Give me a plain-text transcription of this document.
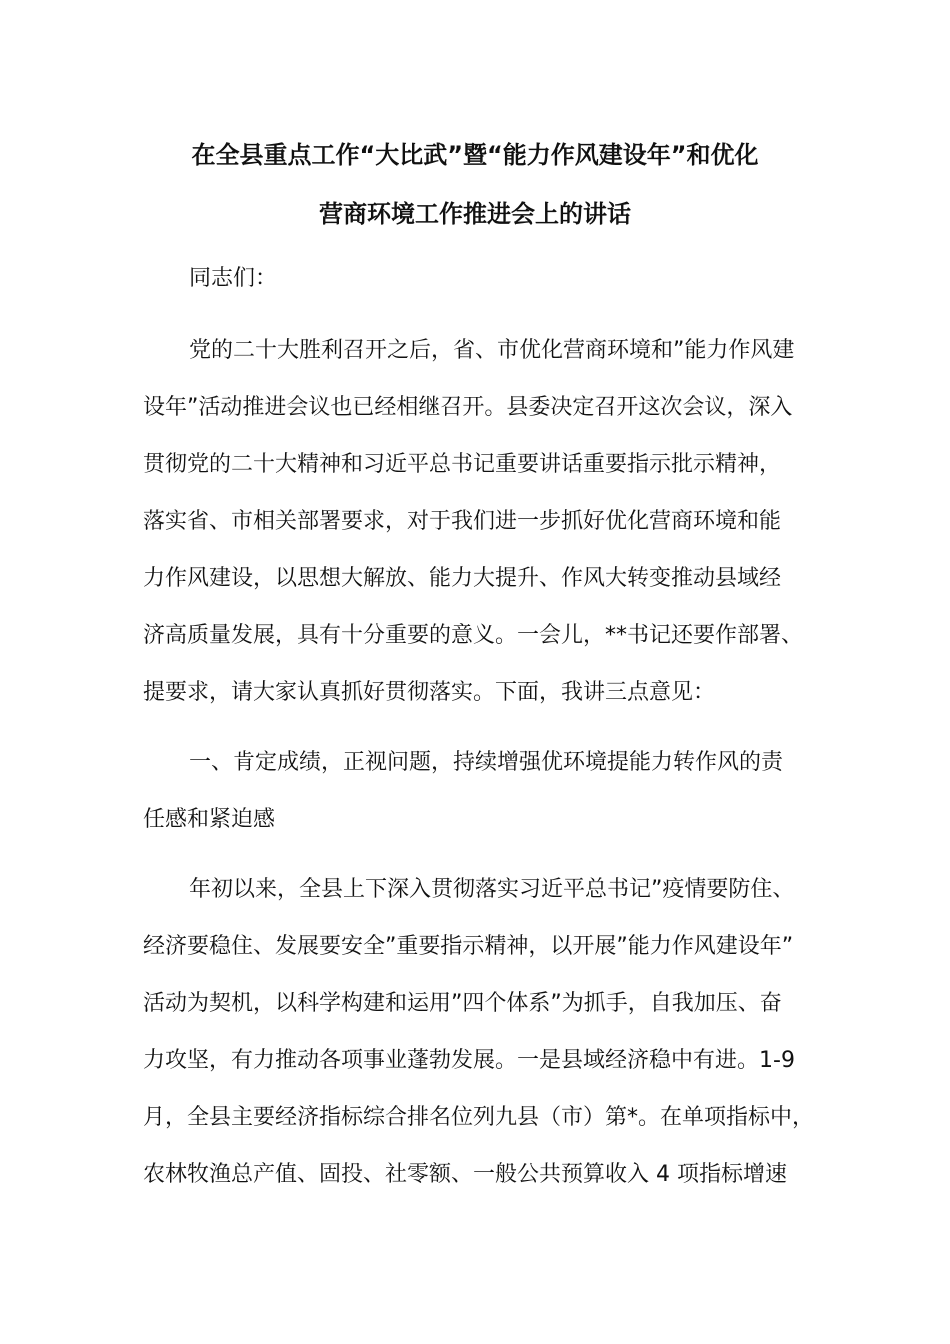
在全县重点工作“大比武”暨“能力作风建设年”和优化
营商环境工作推进会上的讲话
同志们：
党的二十大胜利召开之后，省、市优化营商环境和”能力作风建
设年”活动推进会议也已经相继召开。县委决定召开这次会议，深入
贯彻党的二十大精神和习近平总书记重要讲话重要指示批示精神，
落实省、市相关部署要求，对于我们进一步抓好优化营商环境和能
力作风建设，以思想大解放、能力大提升、作风大转变推动县域经
济高质量发展，具有十分重要的意义。一会儿，**书记还要作部署、
提要求，请大家认真抓好贯彻落实。下面，我讲三点意见：
一、肯定成绩，正视问题，持续增强优环境提能力转作风的责
任感和紧迫感
年初以来，全县上下深入贯彻落实习近平总书记”疫情要防住、
经济要稳住、发展要安全”重要指示精神，以开展”能力作风建设年”
活动为契机，以科学构建和运用”四个体系”为抓手，自我加压、奋
力攻坚，有力推动各项事业蓬勃发展。一是县域经济稳中有进。1-9
月，全县主要经济指标综合排名位列九县（市）第*。在单项指标中，
农林牧渔总产值、固投、社零额、一般公共预算收入 4 项指标增速
